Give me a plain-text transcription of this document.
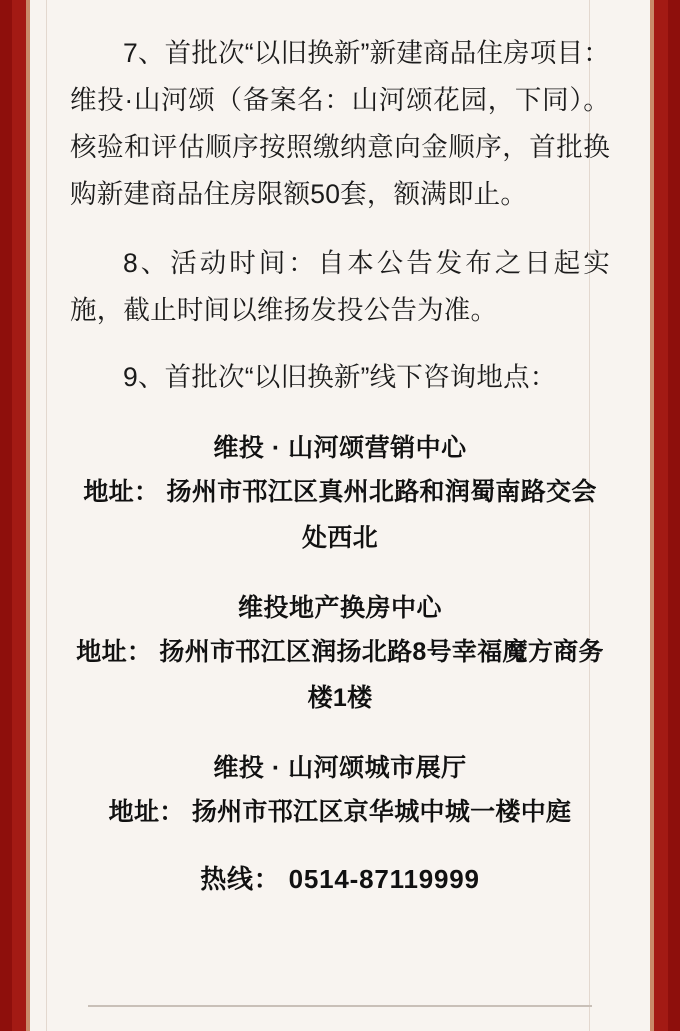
7、首批次“以旧换新”新建商品住房项目：维投·山河颂（备案名：山河颂花园，下同）。核验和评估顺序按照缴纳意向金顺序，首批换购新建商品住房限额50套，额满即止。

8、活动时间：自本公告发布之日起实施，截止时间以维扬发投公告为准。

9、首批次“以旧换新”线下咨询地点：

维投 · 山河颂营销中心
地址： 扬州市邗江区真州北路和润蜀南路交会处西北
维投地产换房中心
地址： 扬州市邗江区润扬北路8号幸福魔方商务楼1楼
维投 · 山河颂城市展厅
地址： 扬州市邗江区京华城中城一楼中庭
热线： 0514-87119999
